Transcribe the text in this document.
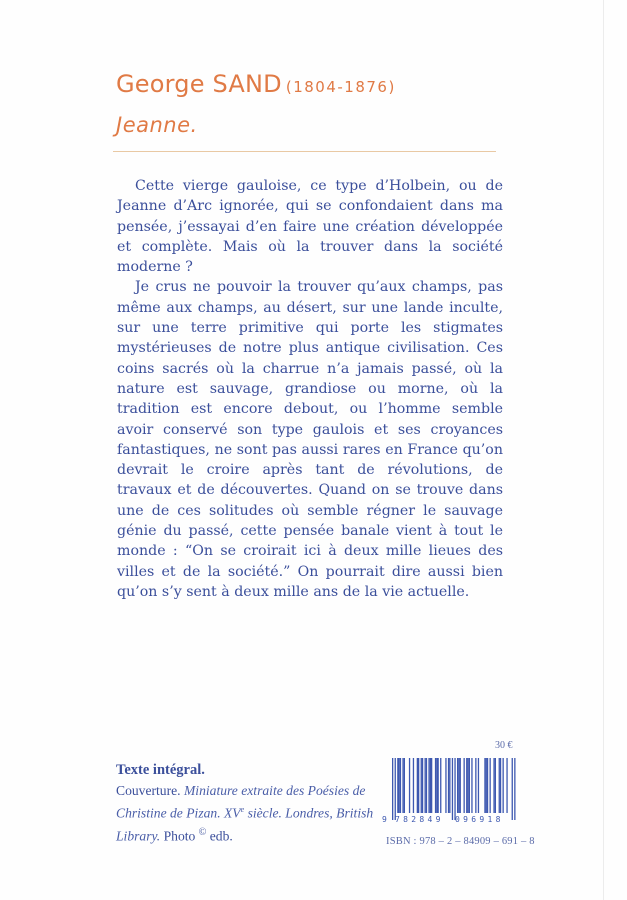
George SAND (1804-1876)
Jeanne.

Cette vierge gauloise, ce type d’Holbein, ou de Jeanne d’Arc ignorée, qui se confondaient dans ma pensée, j’essayai d’en faire une création développée et complète. Mais où la trouver dans la société moderne ?

Je crus ne pouvoir la trouver qu’aux champs, pas même aux champs, au désert, sur une lande inculte, sur une terre primitive qui porte les stigmates mystérieuses de notre plus antique civilisation. Ces coins sacrés où la charrue n’a jamais passé, où la nature est sauvage, grandiose ou morne, où la tradition est encore debout, ou l’homme semble avoir conservé son type gaulois et ses croyances fantastiques, ne sont pas aussi rares en France qu’on devrait le croire après tant de révolutions, de travaux et de découvertes. Quand on se trouve dans une de ces solitudes où semble régner le sauvage génie du passé, cette pensée banale vient à tout le monde : “On se croirait ici à deux mille lieues des villes et de la société.” On pourrait dire aussi bien qu’on s’y sent à deux mille ans de la vie actuelle.

Texte intégral.
Couverture. Miniature extraite des Poésies de Christine de Pizan. XVe siècle. Londres, British Library. Photo © edb.
30 €
9 782849 096918
ISBN : 978 – 2 – 84909 – 691 – 8
